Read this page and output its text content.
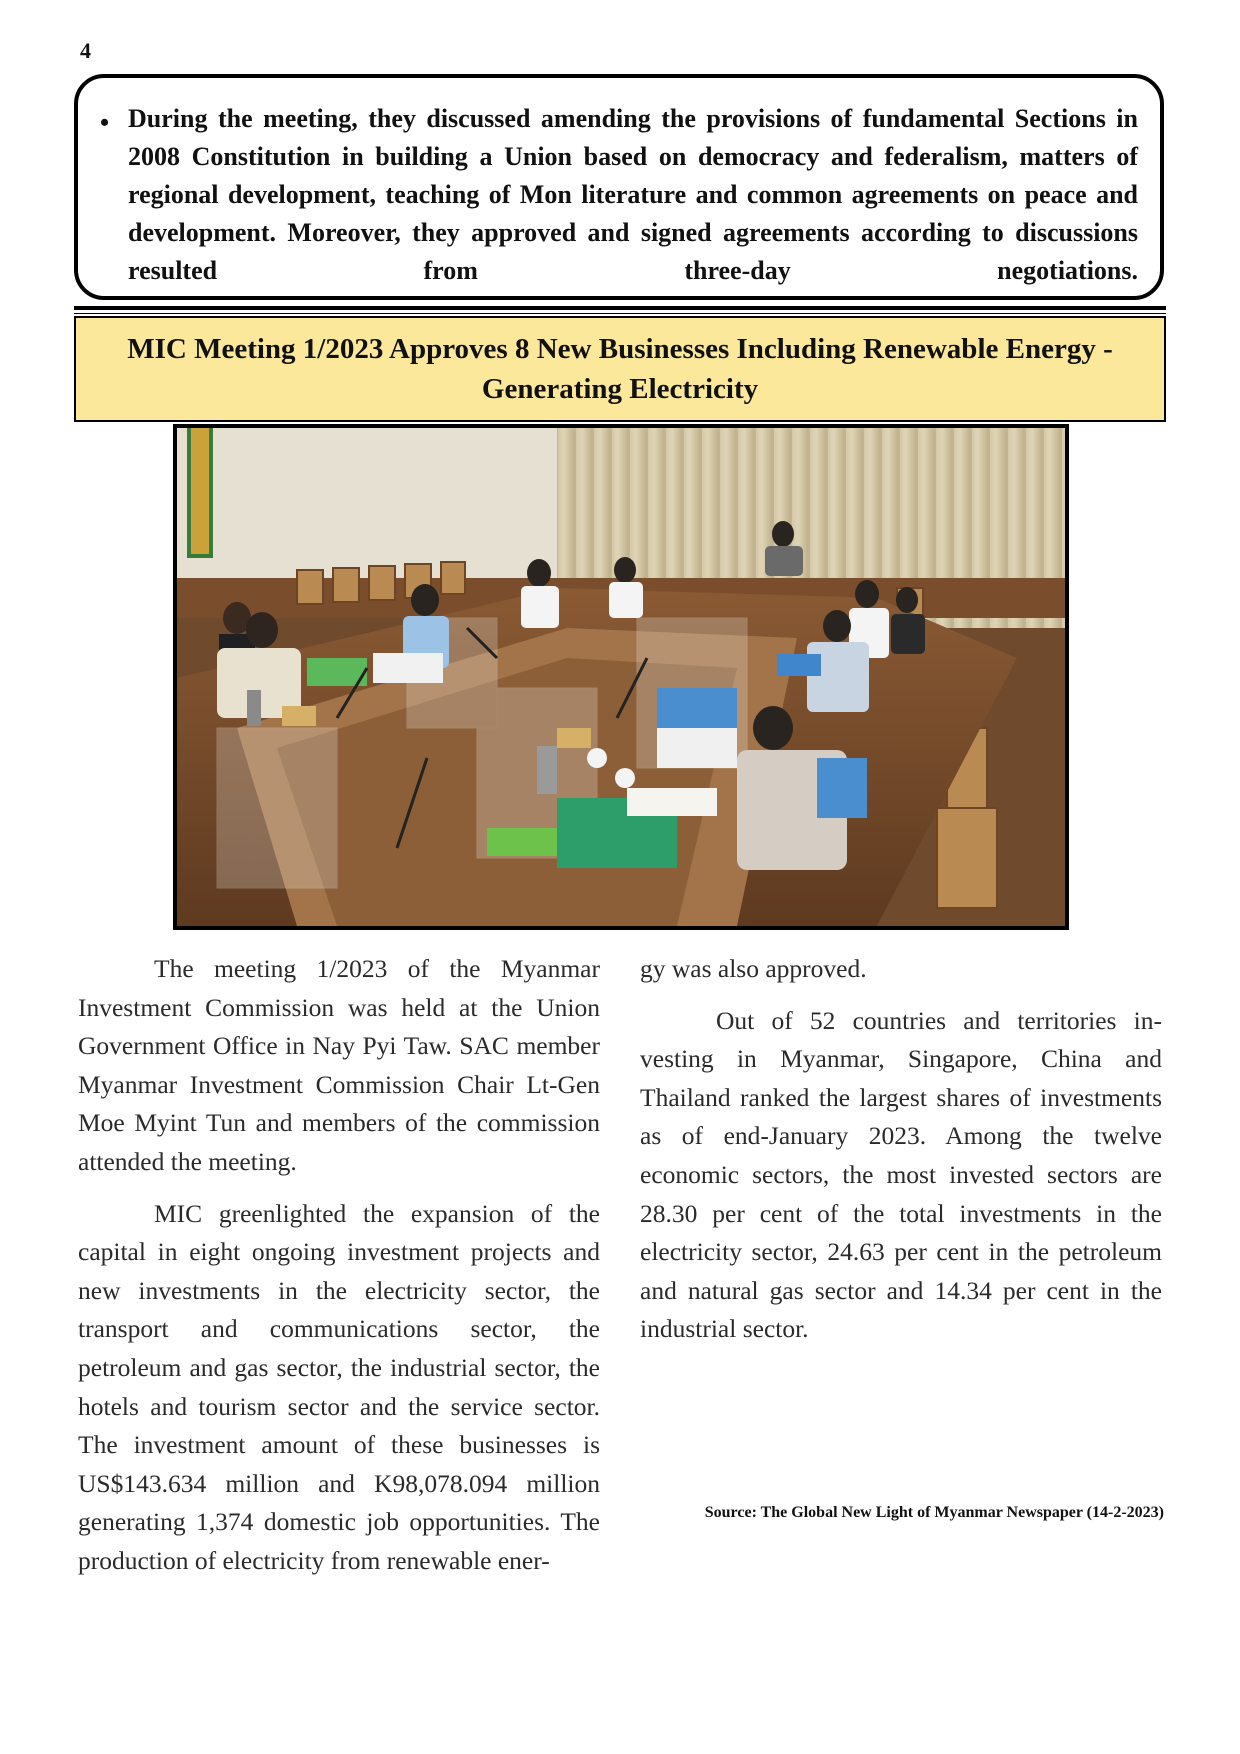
4
• During the meeting, they discussed amending the provisions of fundamental Sections in 2008 Constitution in building a Union based on democracy and federalism, matters of regional development, teaching of Mon literature and common agreements on peace and development. Moreover, they approved and signed agreements according to discussions resulted from three-day negotiations.

MIC Meeting 1/2023 Approves 8 New Businesses Including Renewable Energy - Generating Electricity

The meeting 1/2023 of the Myanmar Investment Commission was held at the Union Government Office in Nay Pyi Taw. SAC member Myanmar Investment Commission Chair Lt-Gen Moe Myint Tun and members of the commission attended the meeting.

MIC greenlighted the expansion of the capital in eight ongoing investment projects and new investments in the electricity sector, the transport and communications sector, the petroleum and gas sector, the industrial sector, the hotels and tourism sector and the service sector. The investment amount of these businesses is US$143.634 million and K98,078.094 million generating 1,374 domestic job opportunities. The production of electricity from renewable ener-

gy was also approved.

Out of 52 countries and territories investing in Myanmar, Singapore, China and Thailand ranked the largest shares of investments as of end-January 2023. Among the twelve economic sectors, the most invested sectors are 28.30 per cent of the total investments in the electricity sector, 24.63 per cent in the petroleum and natural gas sector and 14.34 per cent in the industrial sector.

Source: The Global New Light of Myanmar Newspaper (14-2-2023)
